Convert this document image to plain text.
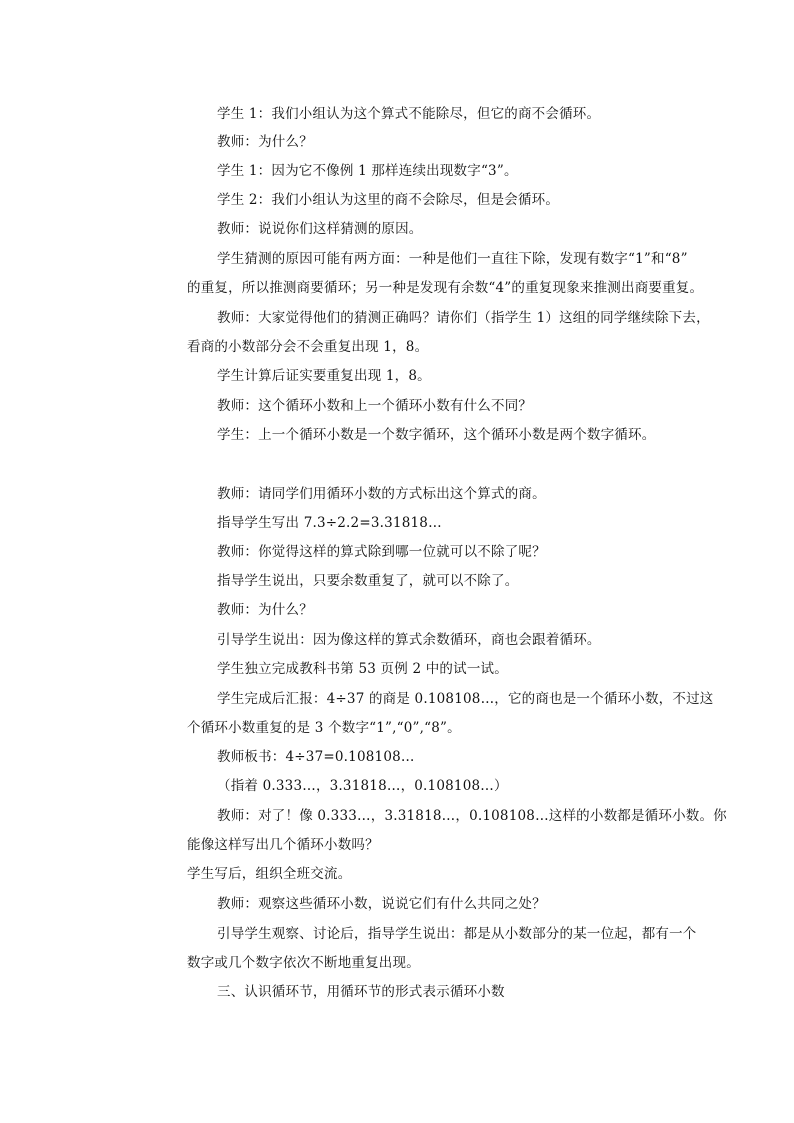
学生 1：我们小组认为这个算式不能除尽，但它的商不会循环。
教师：为什么？
学生 1：因为它不像例 1 那样连续出现数字“3”。
学生 2：我们小组认为这里的商不会除尽，但是会循环。
教师：说说你们这样猜测的原因。
学生猜测的原因可能有两方面：一种是他们一直往下除，发现有数字“1”和“8”
的重复，所以推测商要循环；另一种是发现有余数“4”的重复现象来推测出商要重复。
教师：大家觉得他们的猜测正确吗？请你们（指学生 1）这组的同学继续除下去，
看商的小数部分会不会重复出现 1，8。
学生计算后证实要重复出现 1，8。
教师：这个循环小数和上一个循环小数有什么不同？
学生：上一个循环小数是一个数字循环，这个循环小数是两个数字循环。
教师：请同学们用循环小数的方式标出这个算式的商。
指导学生写出 7.3÷2.2=3.31818…
教师：你觉得这样的算式除到哪一位就可以不除了呢？
指导学生说出，只要余数重复了，就可以不除了。
教师：为什么？
引导学生说出：因为像这样的算式余数循环，商也会跟着循环。
学生独立完成教科书第 53 页例 2 中的试一试。
学生完成后汇报：4÷37 的商是 0.108108…，它的商也是一个循环小数，不过这
个循环小数重复的是 3 个数字“1”,“0”,“8”。
教师板书：4÷37=0.108108…
（指着 0.333…，3.31818…，0.108108…）
教师：对了！像 0.333…，3.31818…，0.108108…这样的小数都是循环小数。你
能像这样写出几个循环小数吗？
学生写后，组织全班交流。
教师：观察这些循环小数，说说它们有什么共同之处？
引导学生观察、讨论后，指导学生说出：都是从小数部分的某一位起，都有一个
数字或几个数字依次不断地重复出现。
三、认识循环节，用循环节的形式表示循环小数
